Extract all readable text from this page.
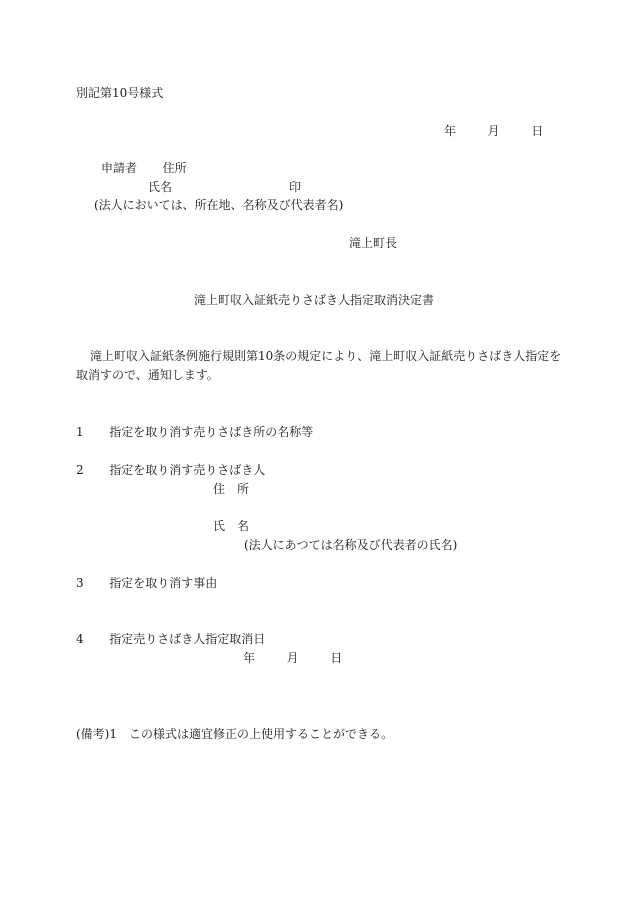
別記第10号様式
年	月	日
申請者 住所
氏名	印
(法人においては、所在地、名称及び代表者名)
滝上町長
滝上町収入証紙売りさばき人指定取消決定書
滝上町収入証紙条例施行規則第10条の規定により、滝上町収入証紙売りさばき人指定を
取消すので、通知します。
1 指定を取り消す売りさばき所の名称等
2 指定を取り消す売りさばき人
住　所
氏　名
(法人にあつては名称及び代表者の氏名)
3 指定を取り消す事由
4 指定売りさばき人指定取消日
年	月	日
(備考)1　この様式は適宜修正の上使用することができる。
